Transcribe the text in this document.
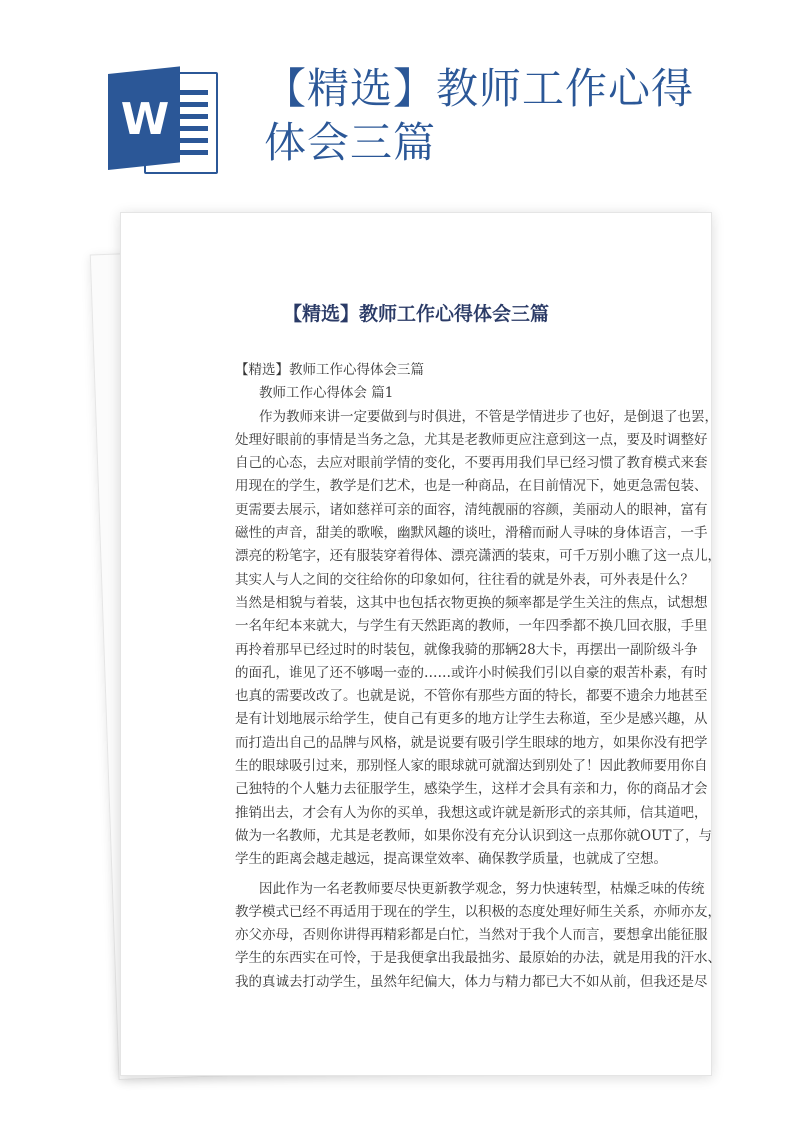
W
【精选】教师工作心得
体会三篇
【精选】教师工作心得体会三篇
【精选】教师工作心得体会三篇
教师工作心得体会 篇1
作为教师来讲一定要做到与时俱进，不管是学情进步了也好，是倒退了也罢，
处理好眼前的事情是当务之急，尤其是老教师更应注意到这一点，要及时调整好
自己的心态，去应对眼前学情的变化，不要再用我们早已经习惯了教育模式来套
用现在的学生，教学是们艺术，也是一种商品，在目前情况下，她更急需包装、
更需要去展示，诸如慈祥可亲的面容，清纯靓丽的容颜，美丽动人的眼神，富有
磁性的声音，甜美的歌喉，幽默风趣的谈吐，滑稽而耐人寻味的身体语言，一手
漂亮的粉笔字，还有服装穿着得体、漂亮潇洒的装束，可千万别小瞧了这一点儿，
其实人与人之间的交往给你的印象如何，往往看的就是外表，可外表是什么？
当然是相貌与着装，这其中也包括衣物更换的频率都是学生关注的焦点，试想想
一名年纪本来就大，与学生有天然距离的教师，一年四季都不换几回衣服，手里
再拎着那早已经过时的时装包，就像我骑的那辆28大卡，再摆出一副阶级斗争
的面孔，谁见了还不够喝一壶的……或许小时候我们引以自豪的艰苦朴素，有时
也真的需要改改了。也就是说，不管你有那些方面的特长，都要不遗余力地甚至
是有计划地展示给学生，使自己有更多的地方让学生去称道，至少是感兴趣，从
而打造出自己的品牌与风格，就是说要有吸引学生眼球的地方，如果你没有把学
生的眼球吸引过来，那别怪人家的眼球就可就溜达到别处了！因此教师要用你自
己独特的个人魅力去征服学生，感染学生，这样才会具有亲和力，你的商品才会
推销出去，才会有人为你的买单，我想这或许就是新形式的亲其师，信其道吧，
做为一名教师，尤其是老教师，如果你没有充分认识到这一点那你就OUT了，与
学生的距离会越走越远，提高课堂效率、确保教学质量，也就成了空想。
因此作为一名老教师要尽快更新教学观念，努力快速转型，枯燥乏味的传统
教学模式已经不再适用于现在的学生，以积极的态度处理好师生关系，亦师亦友，
亦父亦母，否则你讲得再精彩都是白忙，当然对于我个人而言，要想拿出能征服
学生的东西实在可怜，于是我便拿出我最拙劣、最原始的办法，就是用我的汗水、
我的真诚去打动学生，虽然年纪偏大，体力与精力都已大不如从前，但我还是尽
